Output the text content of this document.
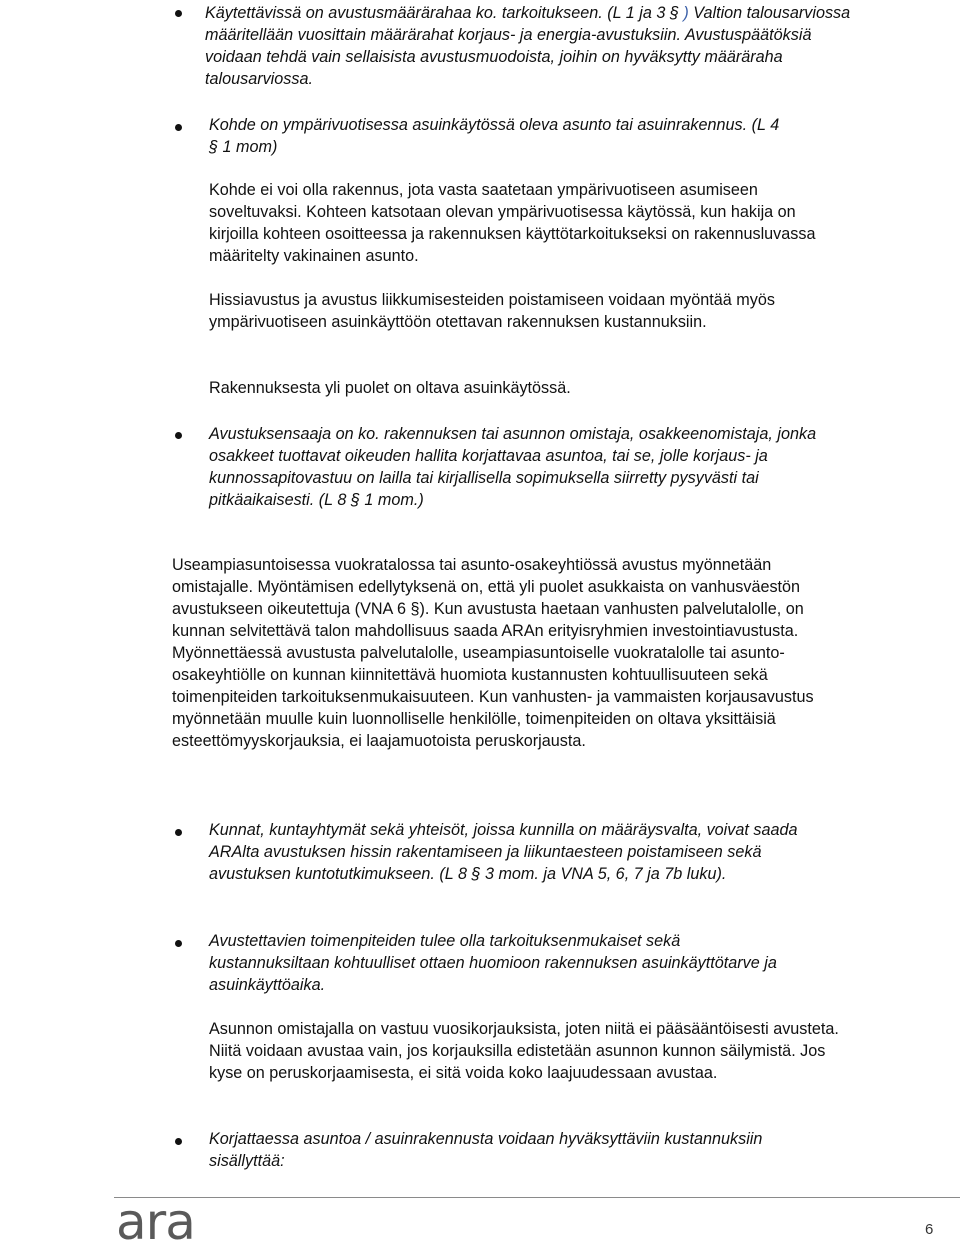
Käytettävissä on avustusmäärärahaa ko. tarkoitukseen. (L 1 ja 3 § ) Valtion talousarviossa määritellään vuosittain määrärahat korjaus- ja energia-avustuksiin. Avustuspäätöksiä voidaan tehdä vain sellaisista avustusmuodoista, joihin on hyväksytty määräraha talousarviossa.

Kohde on ympärivuotisessa asuinkäytössä oleva asunto tai asuinrakennus. (L 4 § 1 mom)

Kohde ei voi olla rakennus, jota vasta saatetaan ympärivuotiseen asumiseen soveltuvaksi. Kohteen katsotaan olevan ympärivuotisessa käytössä, kun hakija on kirjoilla kohteen osoitteessa ja rakennuksen käyttötarkoitukseksi on rakennusluvassa määritelty vakinainen asunto.

Hissiavustus ja avustus liikkumisesteiden poistamiseen voidaan myöntää myös ympärivuotiseen asuinkäyttöön otettavan rakennuksen kustannuksiin.

Rakennuksesta yli puolet on oltava asuinkäytössä.

Avustuksensaaja on ko. rakennuksen tai asunnon omistaja, osakkeenomistaja, jonka osakkeet tuottavat oikeuden hallita korjattavaa asuntoa, tai se, jolle korjaus- ja kunnossapitovastuu on lailla tai kirjallisella sopimuksella siirretty pysyvästi tai pitkäaikaisesti. (L 8 § 1 mom.)

Useampiasuntoisessa vuokratalossa tai asunto-osakeyhtiössä avustus myönnetään omistajalle. Myöntämisen edellytyksenä on, että yli puolet asukkaista on vanhusväestön avustukseen oikeutettuja (VNA 6 §). Kun avustusta haetaan vanhusten palvelutalolle, on kunnan selvitettävä talon mahdollisuus saada ARAn erityisryhmien investointiavustusta. Myönnettäessä avustusta palvelutalolle, useampiasuntoiselle vuokratalolle tai asunto-osakeyhtiölle on kunnan kiinnitettävä huomiota kustannusten kohtuullisuuteen sekä toimenpiteiden tarkoituksenmukaisuuteen. Kun vanhusten- ja vammaisten korjausavustus myönnetään muulle kuin luonnolliselle henkilölle, toimenpiteiden on oltava yksittäisiä esteettömyyskorjauksia, ei laajamuotoista peruskorjausta.

Kunnat, kuntayhtymät sekä yhteisöt, joissa kunnilla on määräysvalta, voivat saada ARAlta avustuksen hissin rakentamiseen ja liikuntaesteen poistamiseen sekä avustuksen kuntotutkimukseen. (L 8 § 3 mom. ja VNA 5, 6, 7 ja 7b luku).

Avustettavien toimenpiteiden tulee olla tarkoituksenmukaiset sekä kustannuksiltaan kohtuulliset ottaen huomioon rakennuksen asuinkäyttötarve ja asuinkäyttöaika.

Asunnon omistajalla on vastuu vuosikorjauksista, joten niitä ei pääsääntöisesti avusteta. Niitä voidaan avustaa vain, jos korjauksilla edistetään asunnon kunnon säilymistä. Jos kyse on peruskorjaamisesta, ei sitä voida koko laajuudessaan avustaa.

Korjattaessa asuntoa / asuinrakennusta voidaan hyväksyttäviin kustannuksiin sisällyttää:

ara	6
